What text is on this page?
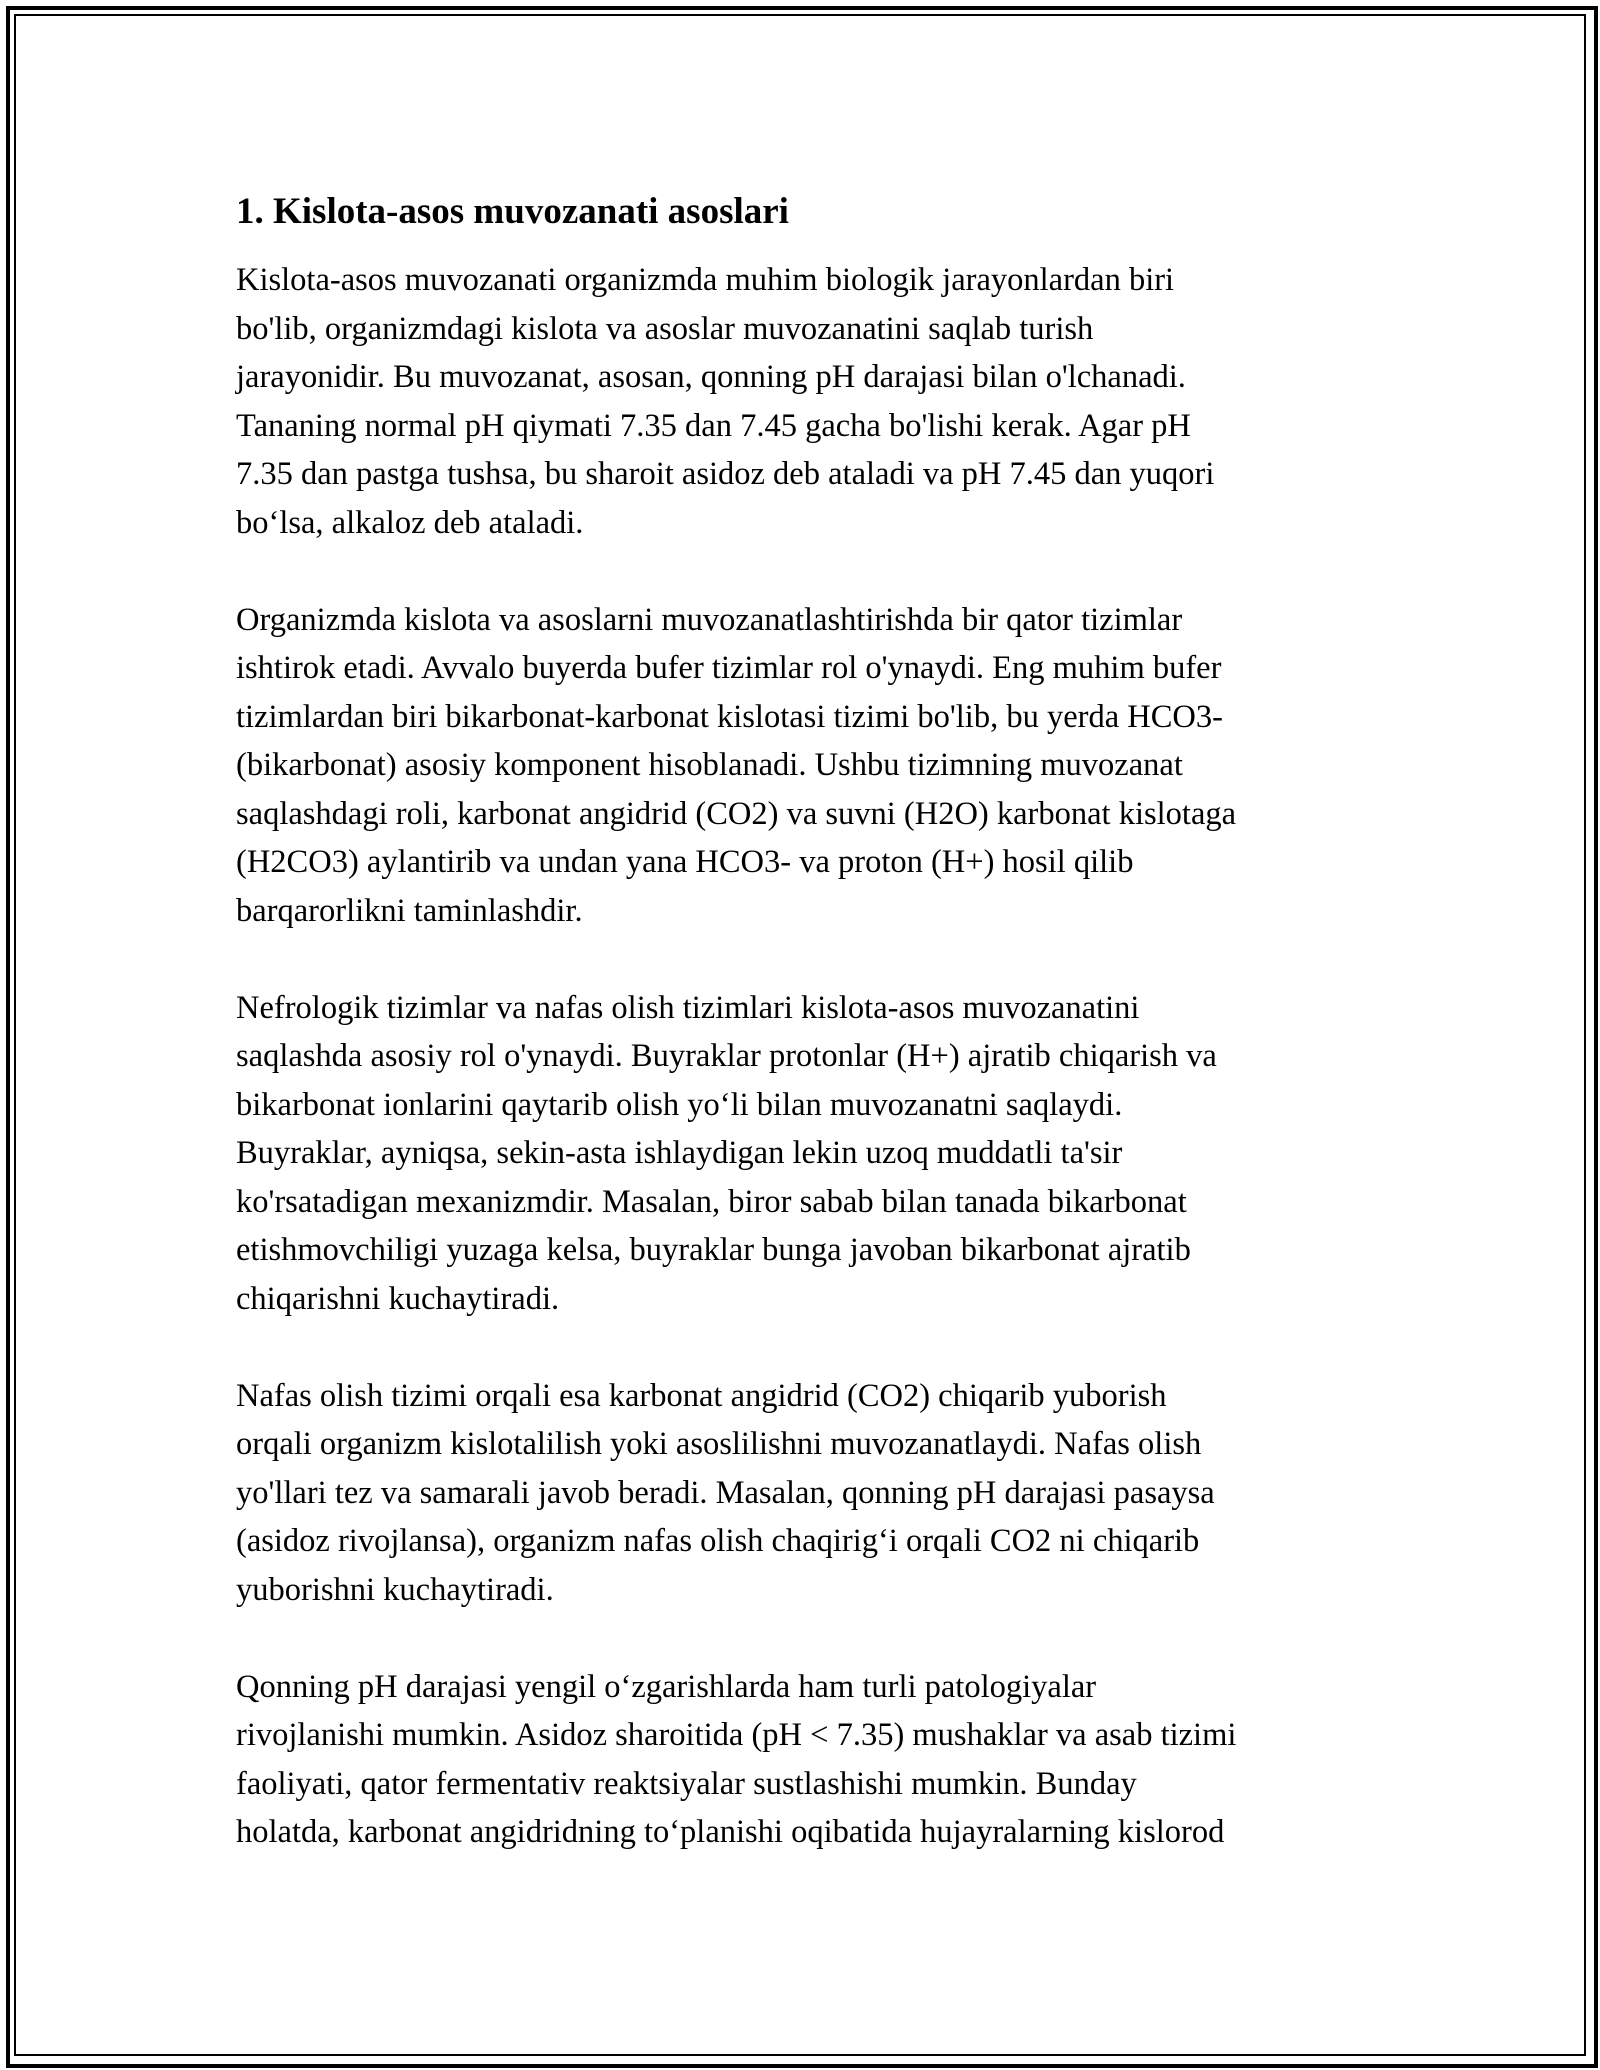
1. Kislota-asos muvozanati asoslari

Kislota-asos muvozanati organizmda muhim biologik jarayonlardan biri
bo'lib, organizmdagi kislota va asoslar muvozanatini saqlab turish
jarayonidir. Bu muvozanat, asosan, qonning pH darajasi bilan o'lchanadi.
Tananing normal pH qiymati 7.35 dan 7.45 gacha bo'lishi kerak. Agar pH
7.35 dan pastga tushsa, bu sharoit asidoz deb ataladi va pH 7.45 dan yuqori
bo‘lsa, alkaloz deb ataladi.

Organizmda kislota va asoslarni muvozanatlashtirishda bir qator tizimlar
ishtirok etadi. Avvalo buyerda bufer tizimlar rol o'ynaydi. Eng muhim bufer
tizimlardan biri bikarbonat-karbonat kislotasi tizimi bo'lib, bu yerda HCO3-
(bikarbonat) asosiy komponent hisoblanadi. Ushbu tizimning muvozanat
saqlashdagi roli, karbonat angidrid (CO2) va suvni (H2O) karbonat kislotaga
(H2CO3) aylantirib va undan yana HCO3- va proton (H+) hosil qilib
barqarorlikni taminlashdir.

Nefrologik tizimlar va nafas olish tizimlari kislota-asos muvozanatini
saqlashda asosiy rol o'ynaydi. Buyraklar protonlar (H+) ajratib chiqarish va
bikarbonat ionlarini qaytarib olish yo‘li bilan muvozanatni saqlaydi.
Buyraklar, ayniqsa, sekin-asta ishlaydigan lekin uzoq muddatli ta'sir
ko'rsatadigan mexanizmdir. Masalan, biror sabab bilan tanada bikarbonat
etishmovchiligi yuzaga kelsa, buyraklar bunga javoban bikarbonat ajratib
chiqarishni kuchaytiradi.

Nafas olish tizimi orqali esa karbonat angidrid (CO2) chiqarib yuborish
orqali organizm kislotalilish yoki asoslilishni muvozanatlaydi. Nafas olish
yo'llari tez va samarali javob beradi. Masalan, qonning pH darajasi pasaysa
(asidoz rivojlansa), organizm nafas olish chaqirig‘i orqali CO2 ni chiqarib
yuborishni kuchaytiradi.

Qonning pH darajasi yengil o‘zgarishlarda ham turli patologiyalar
rivojlanishi mumkin. Asidoz sharoitida (pH < 7.35) mushaklar va asab tizimi
faoliyati, qator fermentativ reaktsiyalar sustlashishi mumkin. Bunday
holatda, karbonat angidridning to‘planishi oqibatida hujayralarning kislorod
